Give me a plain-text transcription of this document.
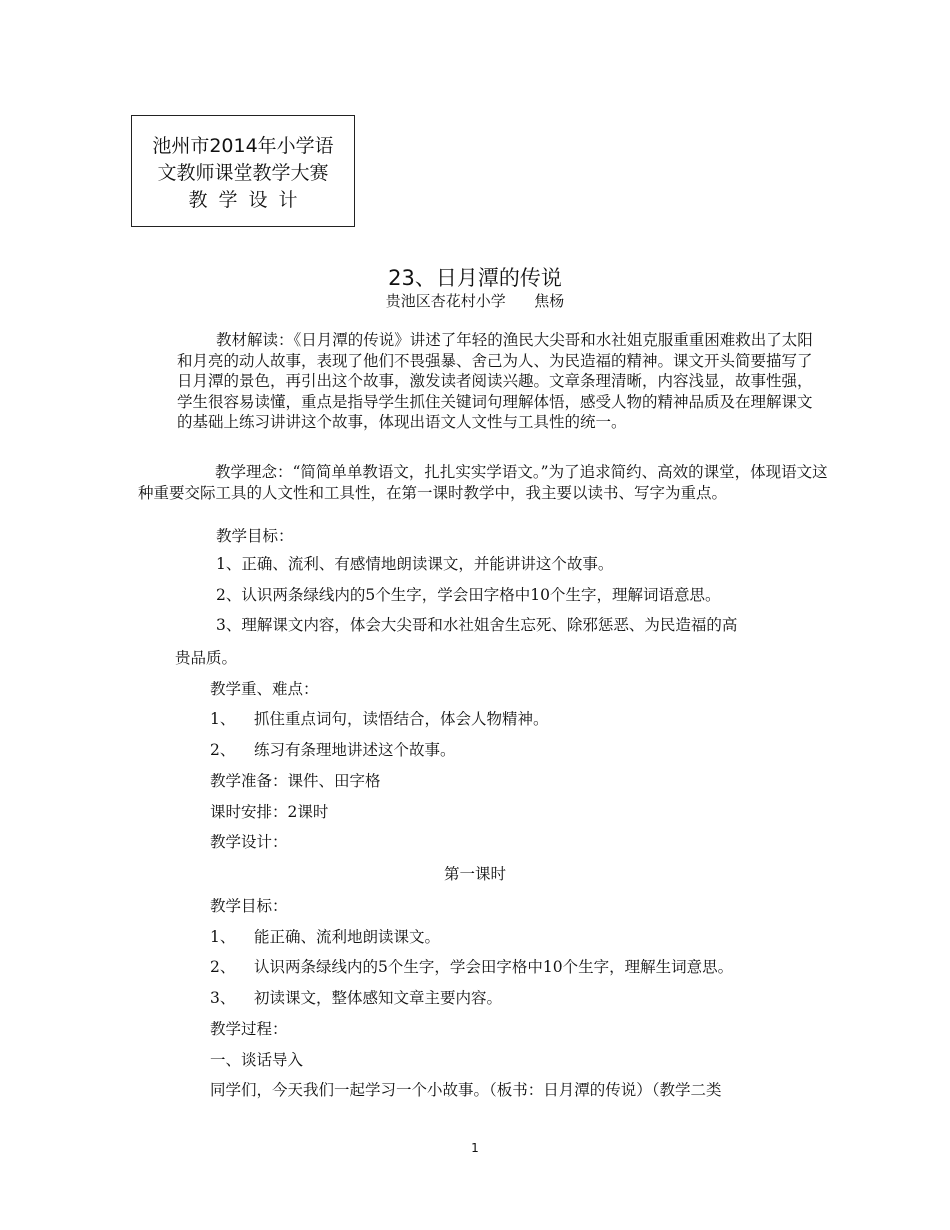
池州市2014年小学语
文教师课堂教学大赛
教学设计
23、日月潭的传说
贵池区杏花村小学      焦杨
教材解读：《日月潭的传说》讲述了年轻的渔民大尖哥和水社姐克服重重困难救出了太阳和月亮的动人故事，表现了他们不畏强暴、舍己为人、为民造福的精神。课文开头简要描写了日月潭的景色，再引出这个故事，激发读者阅读兴趣。文章条理清晰，内容浅显，故事性强，学生很容易读懂，重点是指导学生抓住关键词句理解体悟，感受人物的精神品质及在理解课文的基础上练习讲讲这个故事，体现出语文人文性与工具性的统一。
教学理念：“简简单单教语文，扎扎实实学语文。”为了追求简约、高效的课堂，体现语文这种重要交际工具的人文性和工具性，在第一课时教学中，我主要以读书、写字为重点。
教学目标：
1、正确、流利、有感情地朗读课文，并能讲讲这个故事。
2、认识两条绿线内的5个生字，学会田字格中10个生字，理解词语意思。
3、理解课文内容，体会大尖哥和水社姐舍生忘死、除邪惩恶、为民造福的高
贵品质。
教学重、难点：
1、 抓住重点词句，读悟结合，体会人物精神。
2、 练习有条理地讲述这个故事。
教学准备：课件、田字格
课时安排：2课时
教学设计：
第一课时
教学目标：
1、 能正确、流利地朗读课文。
2、 认识两条绿线内的5个生字，学会田字格中10个生字，理解生词意思。
3、 初读课文，整体感知文章主要内容。
教学过程：
一、谈话导入
同学们，今天我们一起学习一个小故事。（板书：日月潭的传说）（教学二类
1
